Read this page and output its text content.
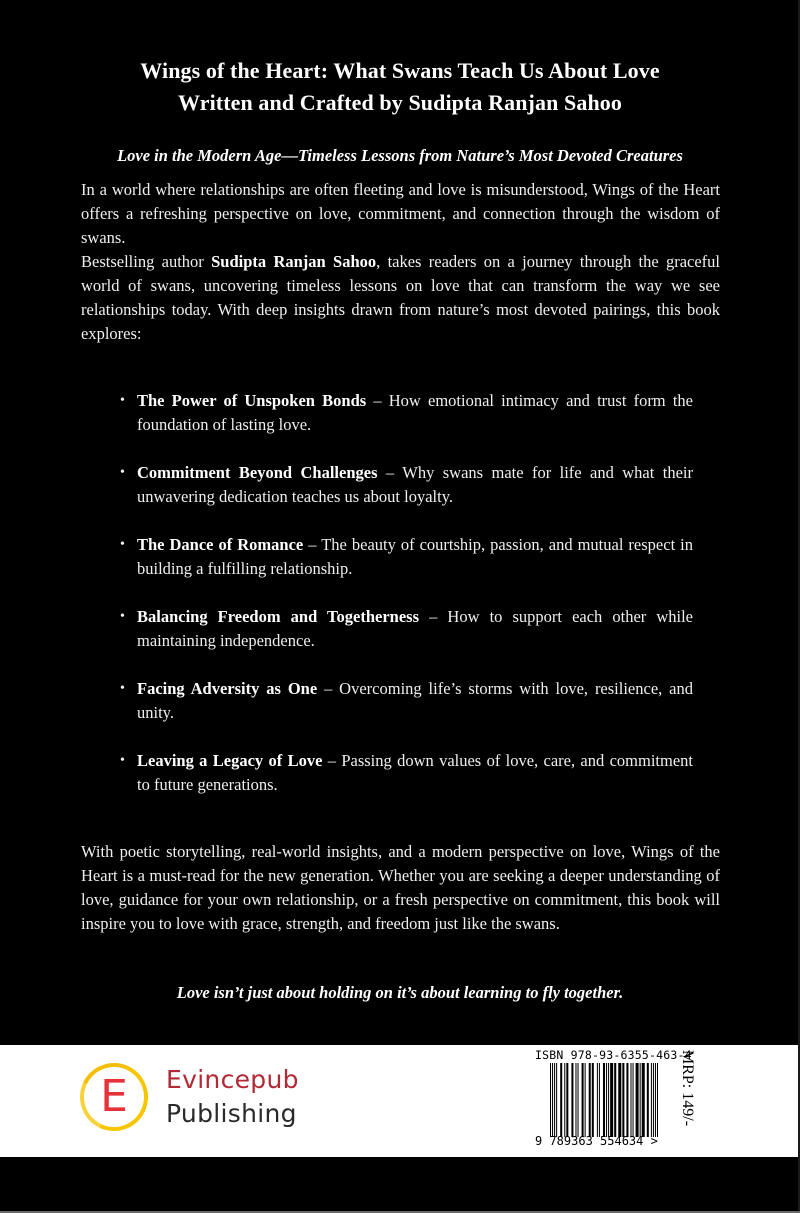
Wings of the Heart: What Swans Teach Us About Love
Written and Crafted by Sudipta Ranjan Sahoo
Love in the Modern Age—Timeless Lessons from Nature’s Most Devoted Creatures

In a world where relationships are often fleeting and love is misunderstood, Wings of the Heart offers a refreshing perspective on love, commitment, and connection through the wisdom of swans.

Bestselling author Sudipta Ranjan Sahoo, takes readers on a journey through the graceful world of swans, uncovering timeless lessons on love that can transform the way we see relationships today. With deep insights drawn from nature’s most devoted pairings, this book explores:

• The Power of Unspoken Bonds – How emotional intimacy and trust form the foundation of lasting love.
• Commitment Beyond Challenges – Why swans mate for life and what their unwavering dedication teaches us about loyalty.
• The Dance of Romance – The beauty of courtship, passion, and mutual respect in building a fulfilling relationship.
• Balancing Freedom and Togetherness – How to support each other while maintaining independence.
• Facing Adversity as One – Overcoming life’s storms with love, resilience, and unity.
• Leaving a Legacy of Love – Passing down values of love, care, and commitment to future generations.

With poetic storytelling, real-world insights, and a modern perspective on love, Wings of the Heart is a must-read for the new generation. Whether you are seeking a deeper understanding of love, guidance for your own relationship, or a fresh perspective on commitment, this book will inspire you to love with grace, strength, and freedom just like the swans.

Love isn’t just about holding on it’s about learning to fly together.
E	Evincepub
Publishing
ISBN 978-93-6355-463-4
9 789363 554634 >
MRP: 149/-
